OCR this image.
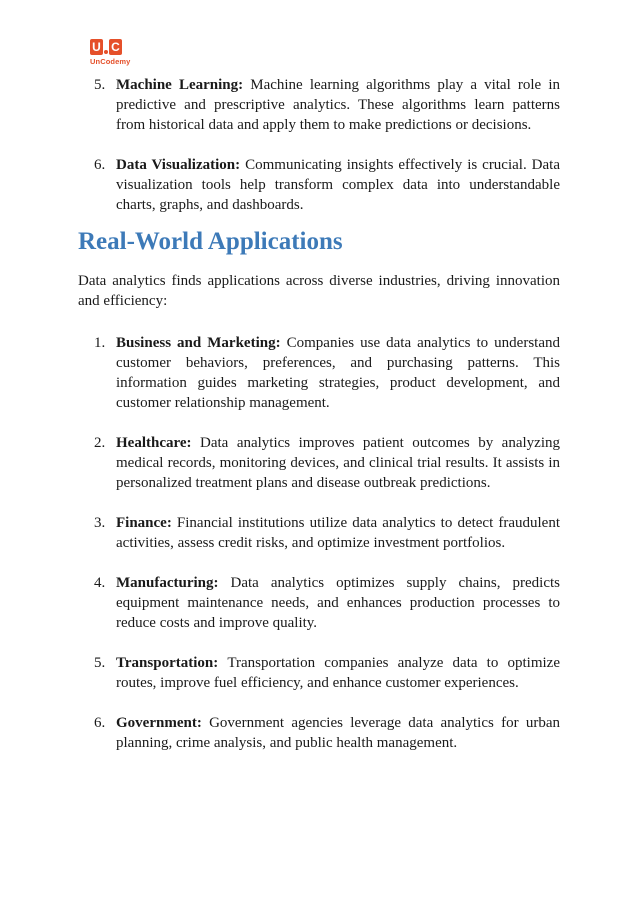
U C
UnCodemy
5. Machine Learning: Machine learning algorithms play a vital role in predictive and prescriptive analytics. These algorithms learn patterns from historical data and apply them to make predictions or decisions.
6. Data Visualization: Communicating insights effectively is crucial. Data visualization tools help transform complex data into understandable charts, graphs, and dashboards.
Real-World Applications

Data analytics finds applications across diverse industries, driving innovation and efficiency:

1. Business and Marketing: Companies use data analytics to understand customer behaviors, preferences, and purchasing patterns. This information guides marketing strategies, product development, and customer relationship management.
2. Healthcare: Data analytics improves patient outcomes by analyzing medical records, monitoring devices, and clinical trial results. It assists in personalized treatment plans and disease outbreak predictions.
3. Finance: Financial institutions utilize data analytics to detect fraudulent activities, assess credit risks, and optimize investment portfolios.
4. Manufacturing: Data analytics optimizes supply chains, predicts equipment maintenance needs, and enhances production processes to reduce costs and improve quality.
5. Transportation: Transportation companies analyze data to optimize routes, improve fuel efficiency, and enhance customer experiences.
6. Government: Government agencies leverage data analytics for urban planning, crime analysis, and public health management.
